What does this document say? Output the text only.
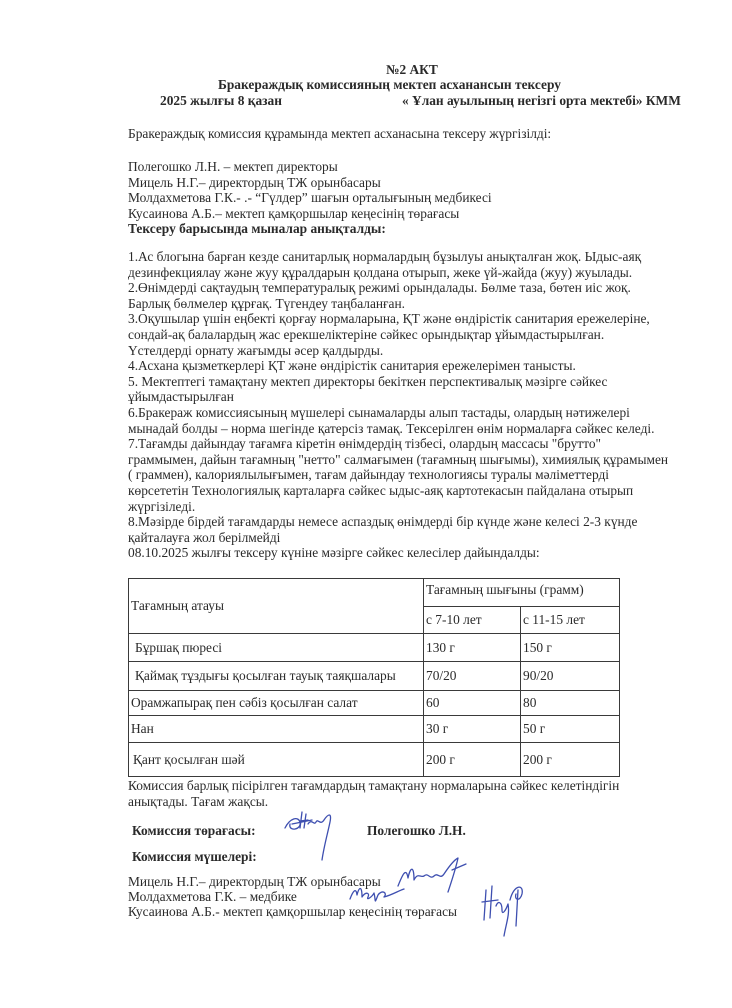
№2 АКТ
Бракераждық комиссияның мектеп асханансын тексеру
2025 жылғы 8 қазан	« Ұлан ауылының негізгі орта мектебі» КММ
Бракераждық комиссия құрамында мектеп асханасына тексеру жүргізілді:
Полегошко Л.Н. – мектеп директоры
Мицель Н.Г.– директордың ТЖ орынбасары
Молдахметова Г.К.- .- “Гүлдер” шағын орталығының медбикесі
Кусаинова А.Б.– мектеп қамқоршылар кеңесінің төрағасы
Тексеру барысында мыналар анықталды:
1.Ас блогына барған кезде санитарлық нормалардың бұзылуы анықталған жоқ. Ыдыс-аяқ
дезинфекциялау және жуу құралдарын қолдана отырып, жеке үй-жайда (жуу) жуылады.
2.Өнімдерді сақтаудың температуралық режимі орындалады. Бөлме таза, бөтен иіс жоқ.
Барлық бөлмелер құрғақ. Түгендеу таңбаланған.
3.Оқушылар үшін еңбекті қорғау нормаларына, ҚТ және өндірістік санитария ережелеріне,
сондай-ақ балалардың жас ерекшеліктеріне сәйкес орындықтар ұйымдастырылған.
Үстелдерді орнату жағымды әсер қалдырды.
4.Асхана қызметкерлері ҚТ және өндірістік санитария ережелерімен танысты.
5. Мектептегі тамақтану мектеп директоры бекіткен перспективалық мәзірге сәйкес
ұйымдастырылған
6.Бракераж комиссиясының мүшелері сынамаларды алып тастады, олардың нәтижелері
мынадай болды – норма шегінде қатерсіз тамақ. Тексерілген өнім нормаларға сәйкес келеді.
7.Тағамды дайындау тағамға кіретін өнімдердің тізбесі, олардың массасы "брутто"
граммымен, дайын тағамның "нетто" салмағымен (тағамның шығымы), химиялық құрамымен
( граммен), калориялылығымен, тағам дайындау технологиясы туралы мәліметтерді
көрсететін Технологиялық карталарға сәйкес ыдыс-аяқ картотекасын пайдалана отырып
жүргізіледі.
8.Мәзірде бірдей тағамдарды немесе аспаздық өнімдерді бір күнде және келесі 2-3 күнде
қайталауға жол берілмейді
08.10.2025 жылғы тексеру күніне мәзірге сәйкес келесілер дайындалды:
Тағамның атауы	Тағамның шығыны (грамм)	
	с 7-10 лет	с 11-15 лет
Бұршақ пюресі	130 г	150 г
Қаймақ тұздығы қосылған тауық таяқшалары	70/20	90/20
Орамжапырақ пен сәбіз қосылған салат	60	80
Нан	30 г	50 г
Қант қосылған шәй	200 г	200 г
Комиссия барлық пісірілген тағамдардың тамақтану нормаларына сәйкес келетіндігін
анықтады. Тағам жақсы.
Комиссия төрағасы:	Полегошко Л.Н.
Комиссия мүшелері:
Мицель Н.Г.– директордың ТЖ орынбасары
Молдахметова Г.К. – медбике
Кусаинова А.Б.- мектеп қамқоршылар кеңесінің төрағасы
